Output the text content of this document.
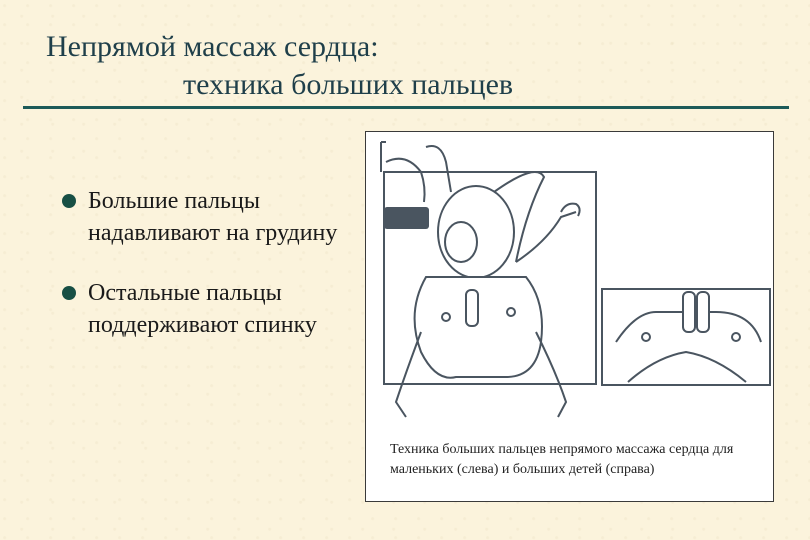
Непрямой массаж сердца:
техника больших пальцев
Большие пальцы надавливают на грудину
Остальные пальцы поддерживают спинку
Техника больших пальцев непрямого массажа сердца для маленьких (слева) и больших детей (справа)
